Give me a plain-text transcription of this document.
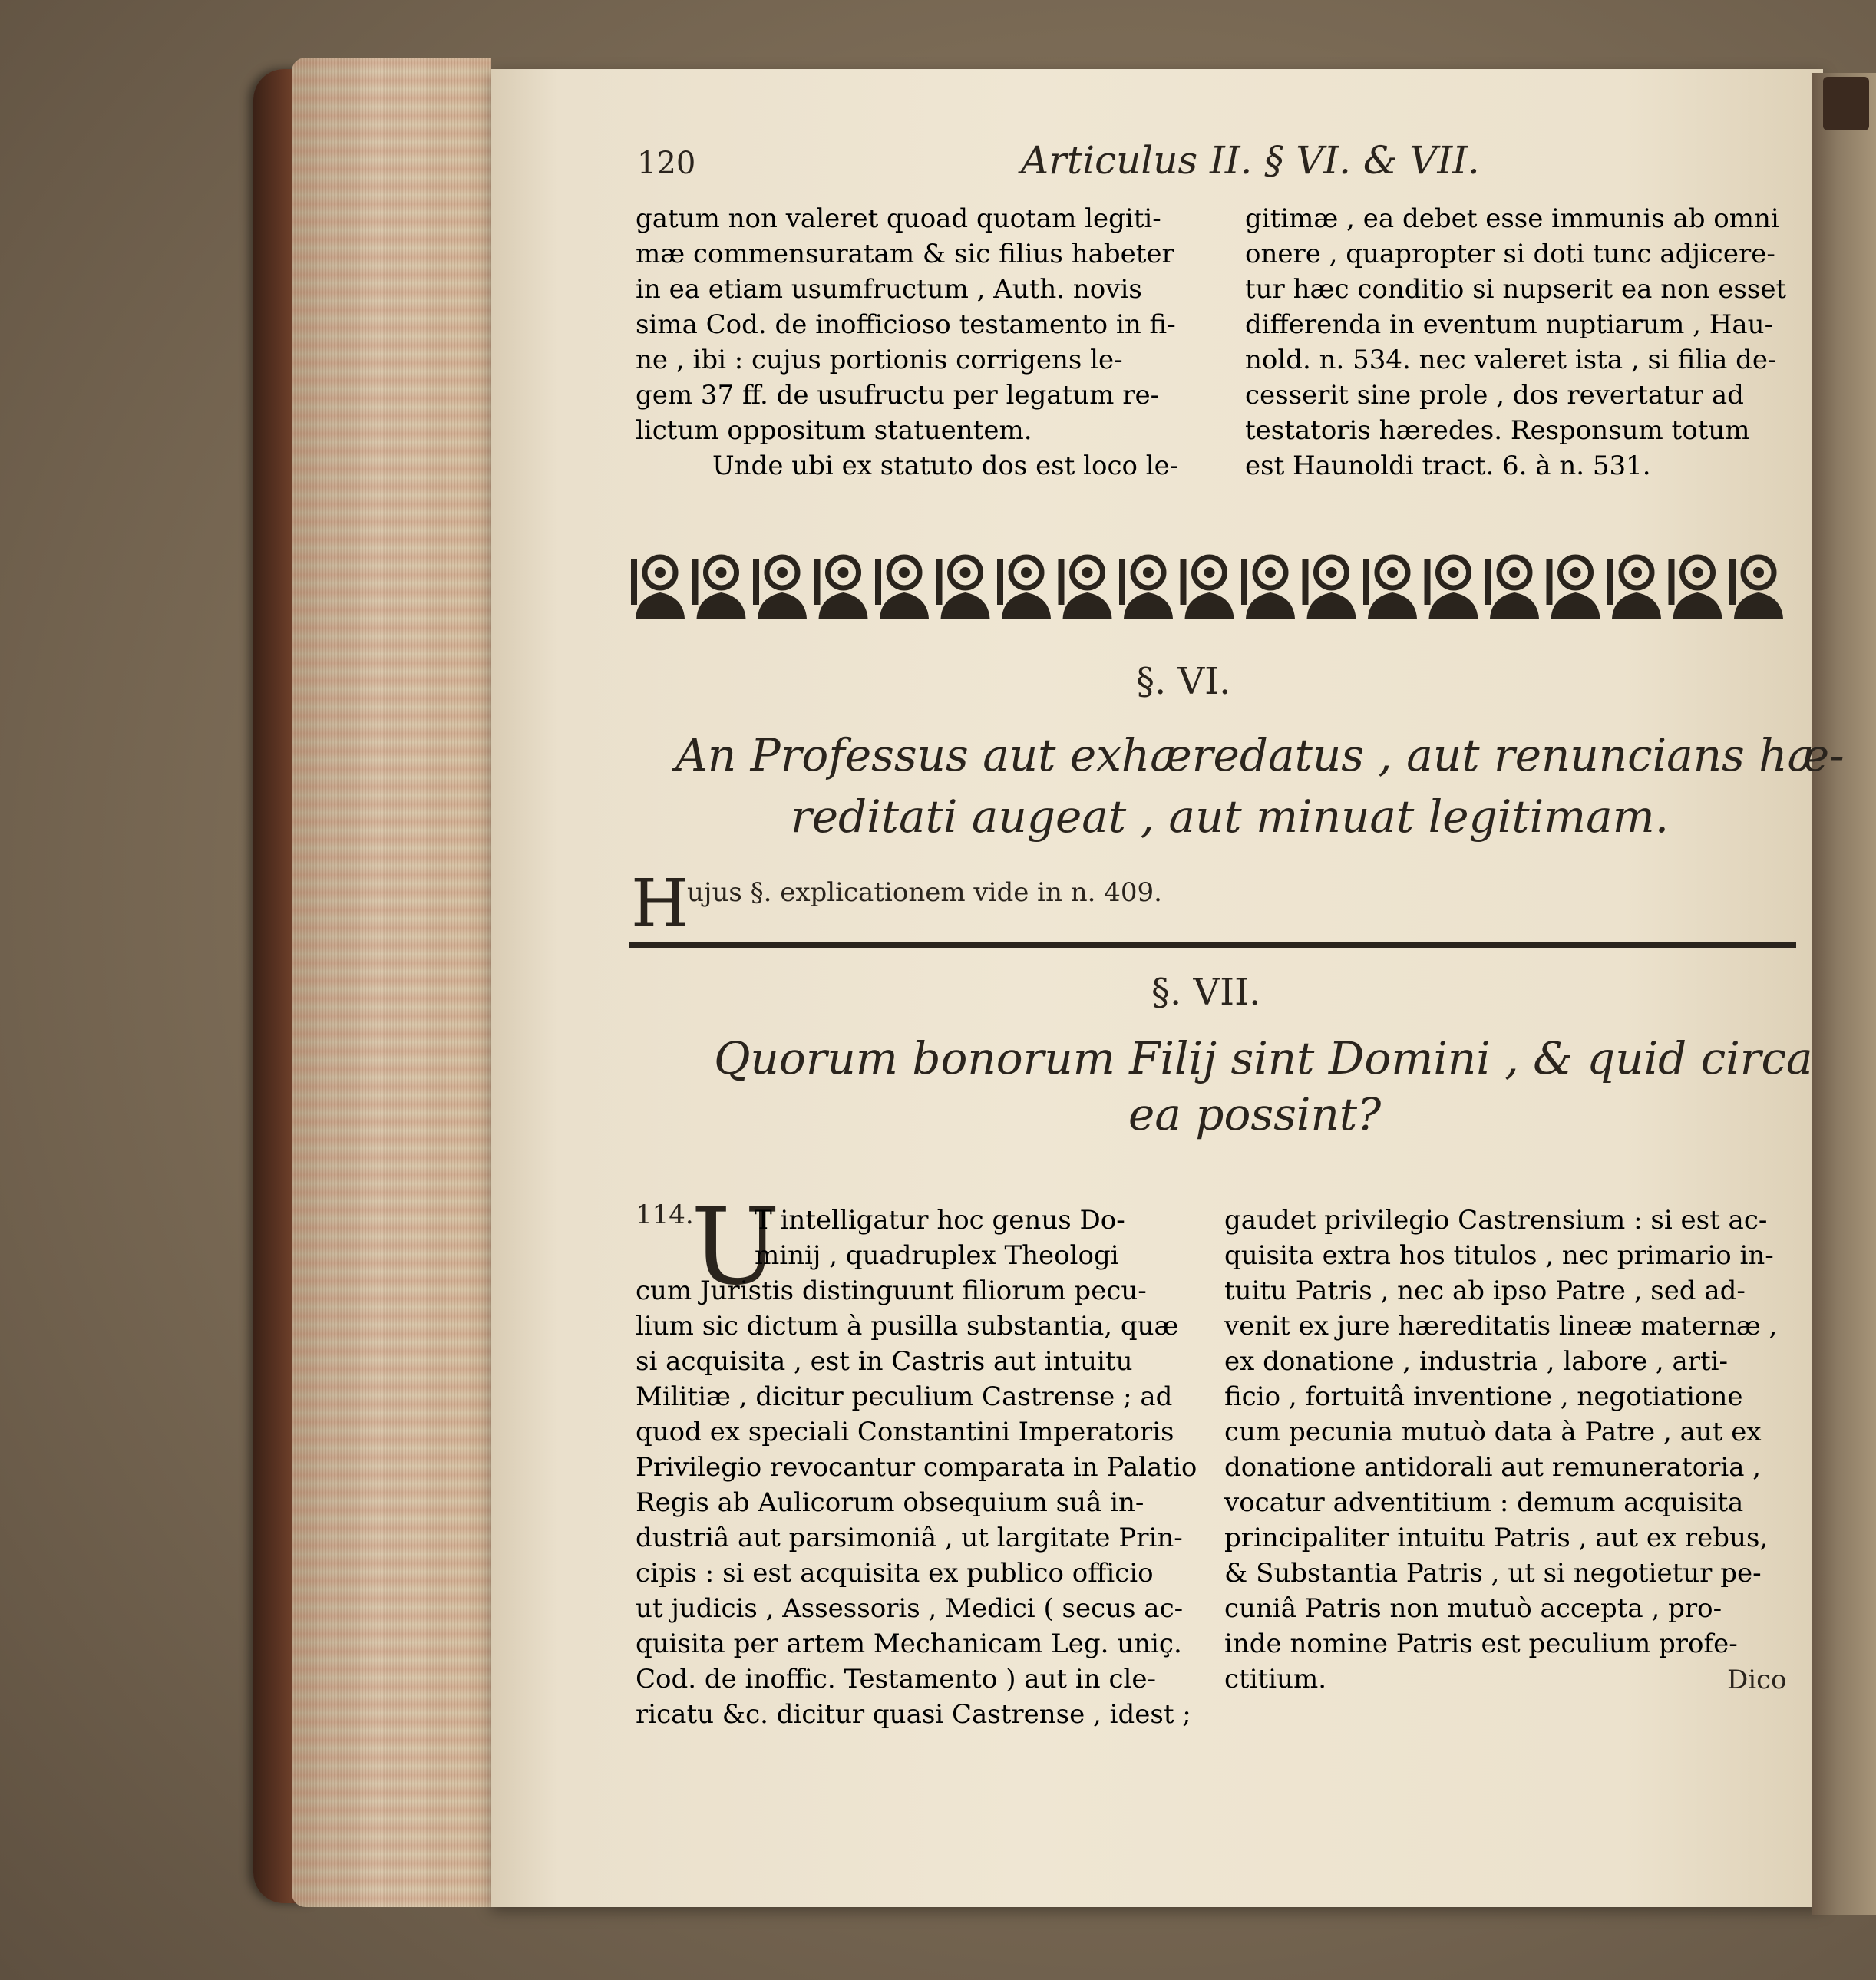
120	Articulus II. § VI. & VII.
gatum non valeret quoad quotam legiti-
mæ commensuratam & sic filius habeter
in ea etiam usumfructum , Auth. novis
sima Cod. de inofficioso testamento in fi-
ne , ibi : cujus portionis corrigens le-
gem 37 ff. de usufructu per legatum re-
lictum oppositum statuentem.
Unde ubi ex statuto dos est loco le-
gitimæ , ea debet esse immunis ab omni
onere , quapropter si doti tunc adjicere-
tur hæc conditio si nupserit ea non esset
differenda in eventum nuptiarum , Hau-
nold. n. 534. nec valeret ista , si filia de-
cesserit sine prole , dos revertatur ad
testatoris hæredes. Responsum totum
est Haunoldi tract. 6. à n. 531.
§. VI.
An Professus aut exhæredatus , aut renuncians hæ-
reditati augeat , aut minuat legitimam.
H
ujus §. explicationem vide in n. 409.
§. VII.
Quorum bonorum Filij sint Domini , & quid circa
ea possint?
114.
U
T intelligatur hoc genus Do-
minij , quadruplex Theologi
cum Juristis distinguunt filiorum pecu-
lium sic dictum à pusilla substantia, quæ
si acquisita , est in Castris aut intuitu
Militiæ , dicitur peculium Castrense ; ad
quod ex speciali Constantini Imperatoris
Privilegio revocantur comparata in Palatio
Regis ab Aulicorum obsequium suâ in-
dustriâ aut parsimoniâ , ut largitate Prin-
cipis : si est acquisita ex publico officio
ut judicis , Assessoris , Medici ( secus ac-
quisita per artem Mechanicam Leg. uniç.
Cod. de inoffic. Testamento ) aut in cle-
ricatu &c. dicitur quasi Castrense , idest ;
gaudet privilegio Castrensium : si est ac-
quisita extra hos titulos , nec primario in-
tuitu Patris , nec ab ipso Patre , sed ad-
venit ex jure hæreditatis lineæ maternæ ,
ex donatione , industria , labore , arti-
ficio , fortuitâ inventione , negotiatione
cum pecunia mutuò data à Patre , aut ex
donatione antidorali aut remuneratoria ,
vocatur adventitium : demum acquisita
principaliter intuitu Patris , aut ex rebus,
& Substantia Patris , ut si negotietur pe-
cuniâ Patris non mutuò accepta , pro-
inde nomine Patris est peculium profe-
ctitium.	Dico
